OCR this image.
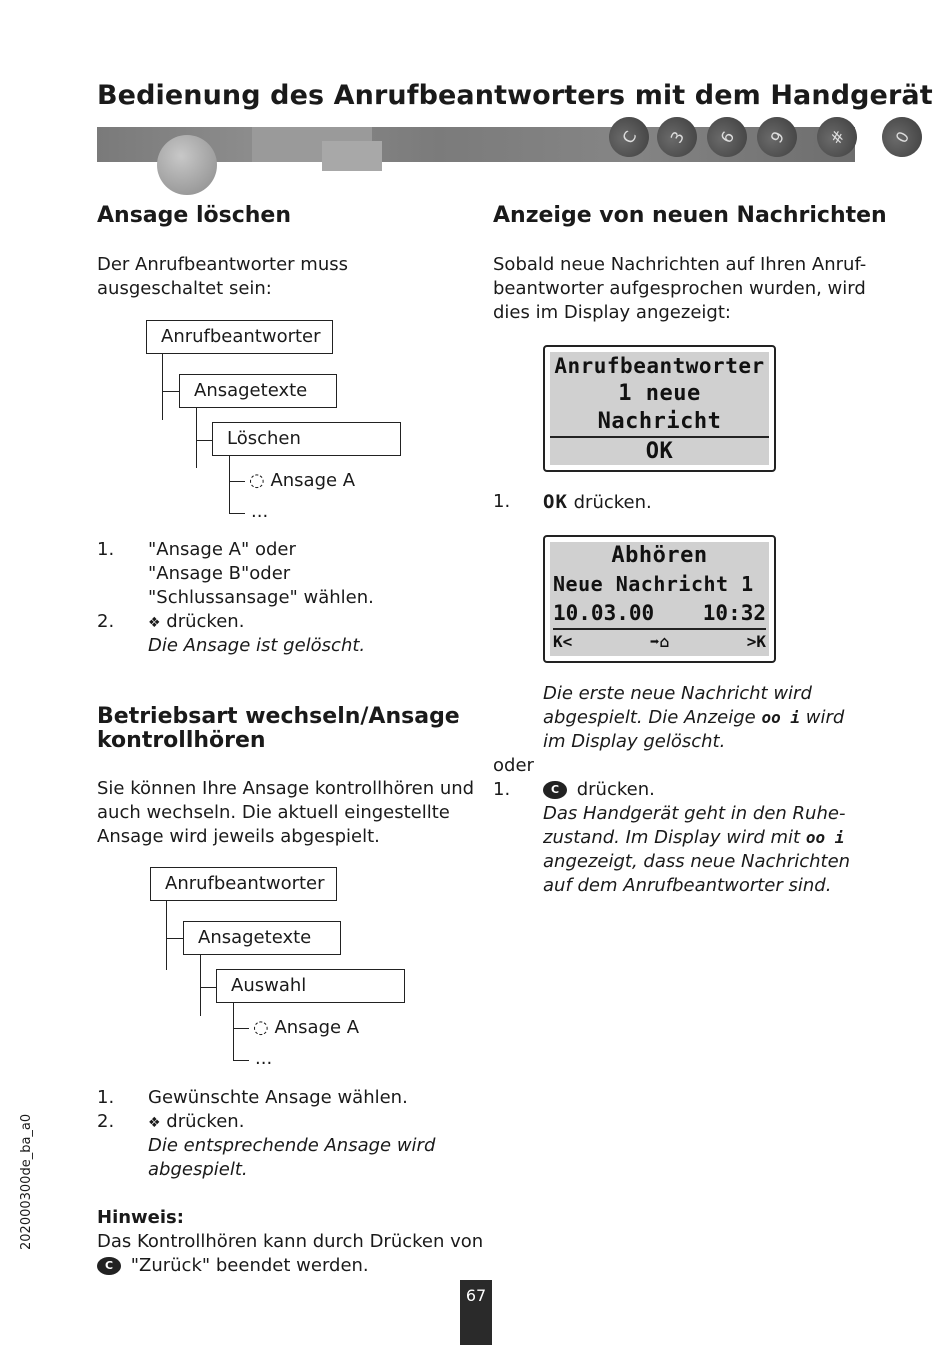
Bedienung des Anrufbeantworters mit dem Handgerät
C	3	6	9	#	0
Ansage löschen

Der Anrufbeantworter muss ausgeschaltet sein:

Anrufbeantworter
Ansagetexte
Löschen
◌ Ansage A
...
1. "Ansage A" oder
"Ansage B"oder
"Schlussansage" wählen.
2. ❖ drücken.
Die Ansage ist gelöscht.
Betriebsart wechseln/Ansage
kontrollhören

Sie können Ihre Ansage kontrollhören und

auch wechseln. Die aktuell eingestellte

Ansage wird jeweils abgespielt.

Anrufbeantworter
Ansagetexte
Auswahl
◌ Ansage A
...
1. Gewünschte Ansage wählen.
2. ❖ drücken.
Die entsprechende Ansage wird
abgespielt.
Hinweis:
Das Kontrollhören kann durch Drücken von
C "Zurück" beendet werden.
Anzeige von neuen Nachrichten

Sobald neue Nachrichten auf Ihren Anruf-

beantworter aufgesprochen wurden, wird

dies im Display angezeigt:

Anrufbeantworter
1 neue
Nachricht
OK
1. OK drücken.
Abhören
Neue Nachricht 1
10.03.00 10:32
K<	➡⌂	>K
Die erste neue Nachricht wird
abgespielt. Die Anzeige oo i wird
im Display gelöscht.
oder
1.	C drücken.
Das Handgerät geht in den Ruhe-
zustand. Im Display wird mit oo i
angezeigt, dass neue Nachrichten
auf dem Anrufbeantworter sind.
202000300de_ba_a0
67
